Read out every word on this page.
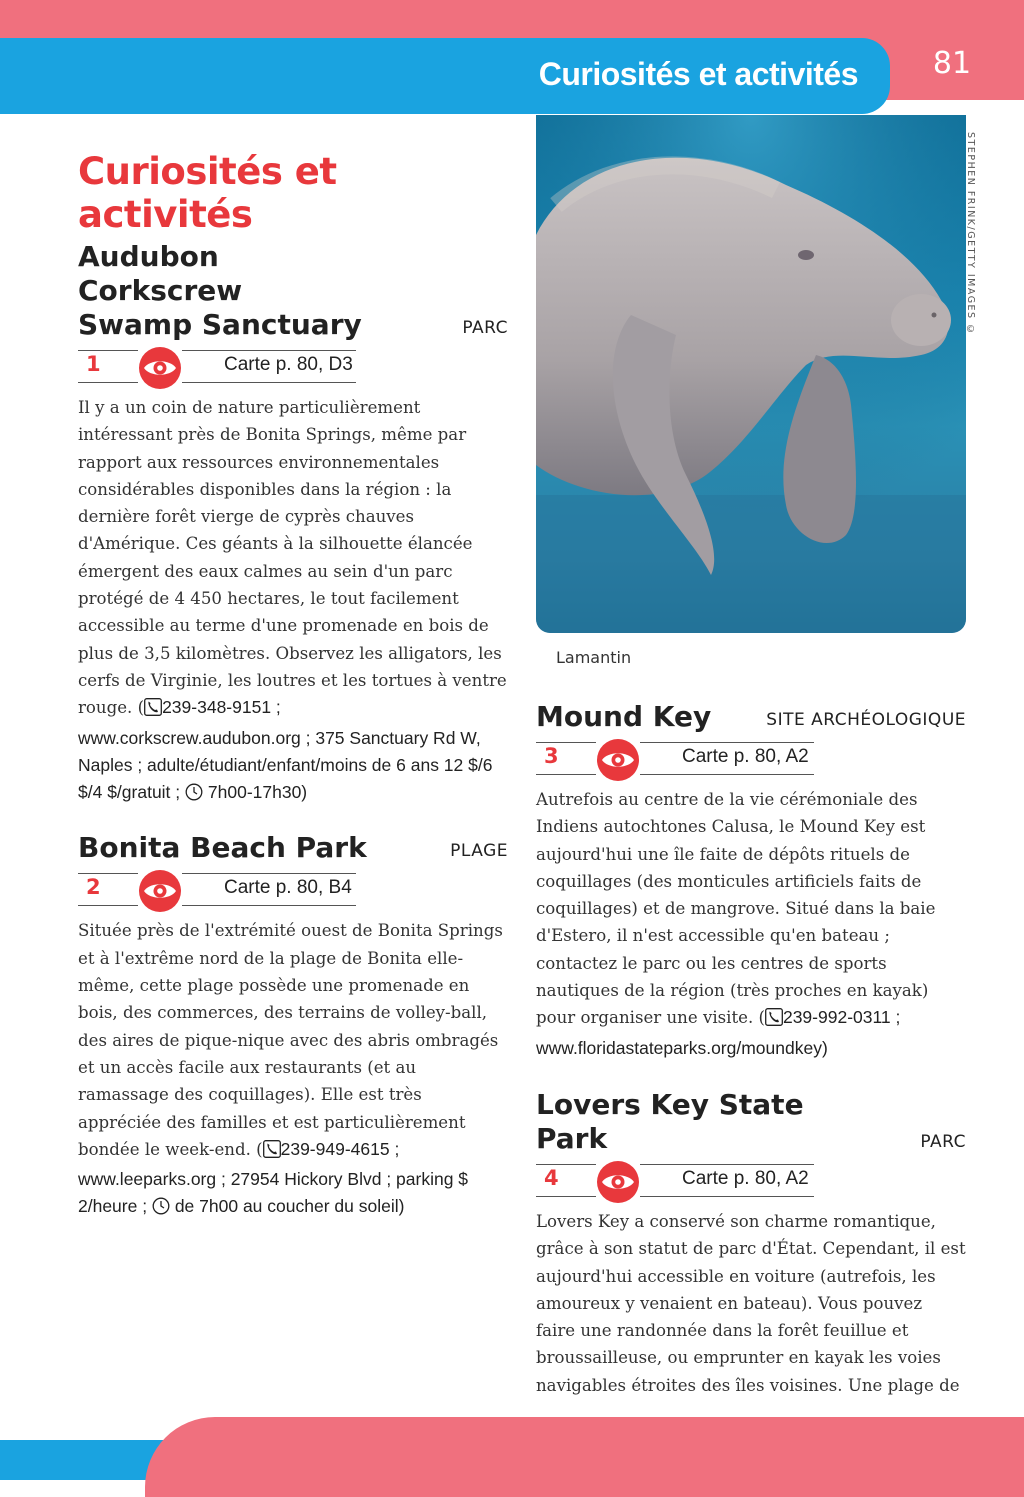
Curiosités et activités 81
STEPHEN FRINK/GETTY IMAGES ©
Lamantin
Curiosités et activités
Audubon Corkscrew
Swamp Sanctuary	PARC
1	Carte p. 80, D3

Il y a un coin de nature particulièrement intéressant près de Bonita Springs, même par rapport aux ressources environnementales considérables disponibles dans la région : la dernière forêt vierge de cyprès chauves d'Amérique. Ces géants à la silhouette élancée émergent des eaux calmes au sein d'un parc protégé de 4 450 hectares, le tout facilement accessible au terme d'une promenade en bois de plus de 3,5 kilomètres. Observez les alligators, les cerfs de Virginie, les loutres et les tortues à ventre rouge. ( 239-348-9151 ; www.corkscrew.audubon.org ; 375 Sanctuary Rd W, Naples ; adulte/étudiant/enfant/moins de 6 ans 12 $/6 $/4 $/gratuit ;  7h00-17h30)

Bonita Beach Park	PLAGE
2	Carte p. 80, B4

Située près de l'extrémité ouest de Bonita Springs et à l'extrême nord de la plage de Bonita elle-même, cette plage possède une promenade en bois, des commerces, des terrains de volley-ball, des aires de pique-nique avec des abris ombragés et un accès facile aux restaurants (et au ramassage des coquillages). Elle est très appréciée des familles et est particulièrement bondée le week-end. ( 239-949-4615 ; www.leeparks.org ; 27954 Hickory Blvd ; parking $ 2/heure ;  de 7h00 au coucher du soleil)

Mound Key	SITE ARCHÉOLOGIQUE
3	Carte p. 80, A2

Autrefois au centre de la vie cérémoniale des Indiens autochtones Calusa, le Mound Key est aujourd'hui une île faite de dépôts rituels de coquillages (des monticules artificiels faits de coquillages) et de mangrove. Situé dans la baie d'Estero, il n'est accessible qu'en bateau ; contactez le parc ou les centres de sports nautiques de la région (très proches en kayak) pour organiser une visite. ( 239-992-0311 ; www.floridastateparks.org/moundkey)

Lovers Key State Park	PARC
4	Carte p. 80, A2

Lovers Key a conservé son charme romantique, grâce à son statut de parc d'État. Cependant, il est aujourd'hui accessible en voiture (autrefois, les amoureux y venaient en bateau). Vous pouvez faire une randonnée dans la forêt feuillue et broussailleuse, ou emprunter en kayak les voies navigables étroites des îles voisines. Une plage de
